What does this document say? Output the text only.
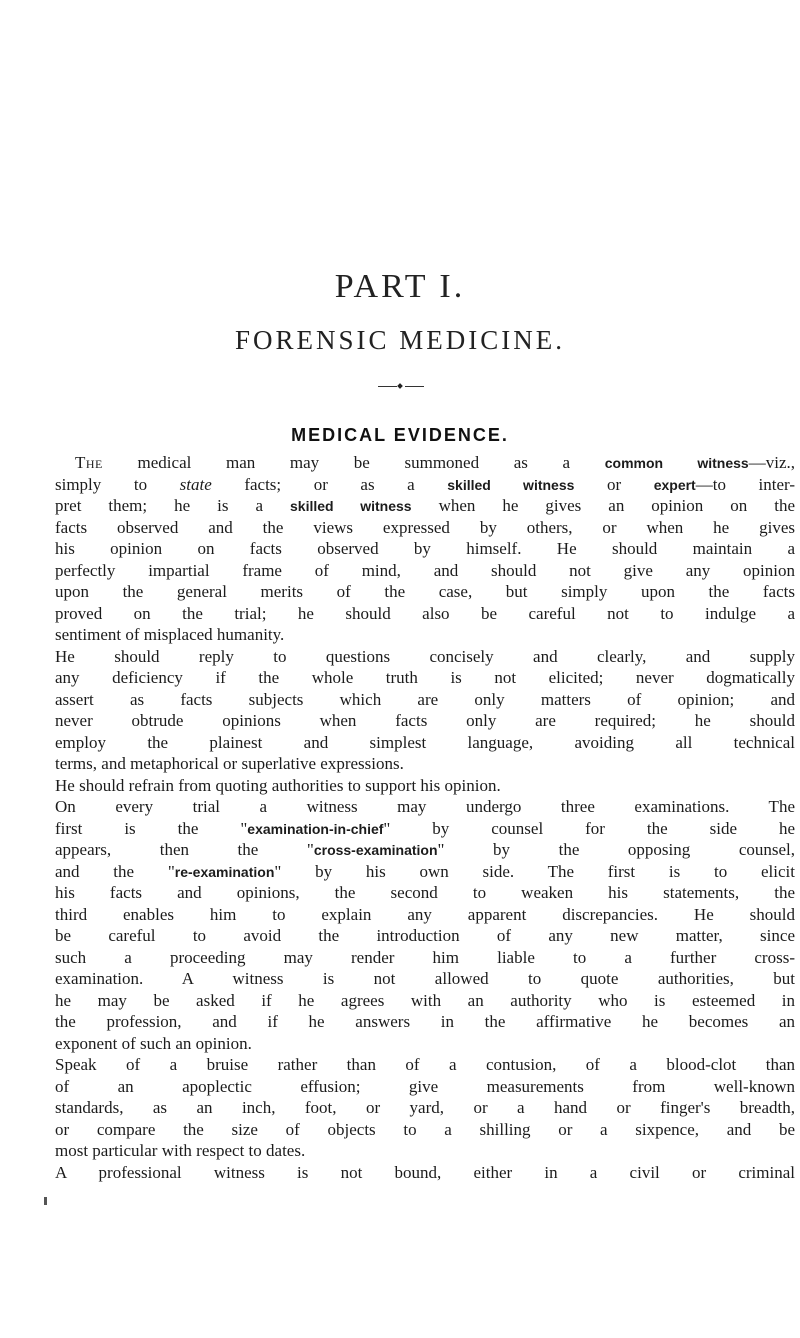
PART I.
FORENSIC MEDICINE.
MEDICAL EVIDENCE.
The medical man may be summoned as a common witness—viz.,
simply to state facts; or as a skilled witness or expert—to inter-
pret them; he is a skilled witness when he gives an opinion on the
facts observed and the views expressed by others, or when he gives
his opinion on facts observed by himself. He should maintain a
perfectly impartial frame of mind, and should not give any opinion
upon the general merits of the case, but simply upon the facts
proved on the trial; he should also be careful not to indulge a
sentiment of misplaced humanity.
He should reply to questions concisely and clearly, and supply
any deficiency if the whole truth is not elicited; never dogmatically
assert as facts subjects which are only matters of opinion; and
never obtrude opinions when facts only are required; he should
employ the plainest and simplest language, avoiding all technical
terms, and metaphorical or superlative expressions.
He should refrain from quoting authorities to support his opinion.
On every trial a witness may undergo three examinations. The
first is the "examination-in-chief" by counsel for the side he
appears, then the "cross-examination" by the opposing counsel,
and the "re-examination" by his own side. The first is to elicit
his facts and opinions, the second to weaken his statements, the
third enables him to explain any apparent discrepancies. He should
be careful to avoid the introduction of any new matter, since
such a proceeding may render him liable to a further cross-
examination. A witness is not allowed to quote authorities, but
he may be asked if he agrees with an authority who is esteemed in
the profession, and if he answers in the affirmative he becomes an
exponent of such an opinion.
Speak of a bruise rather than of a contusion, of a blood-clot than
of an apoplectic effusion; give measurements from well-known
standards, as an inch, foot, or yard, or a hand or finger's breadth,
or compare the size of objects to a shilling or a sixpence, and be
most particular with respect to dates.
A professional witness is not bound, either in a civil or criminal
